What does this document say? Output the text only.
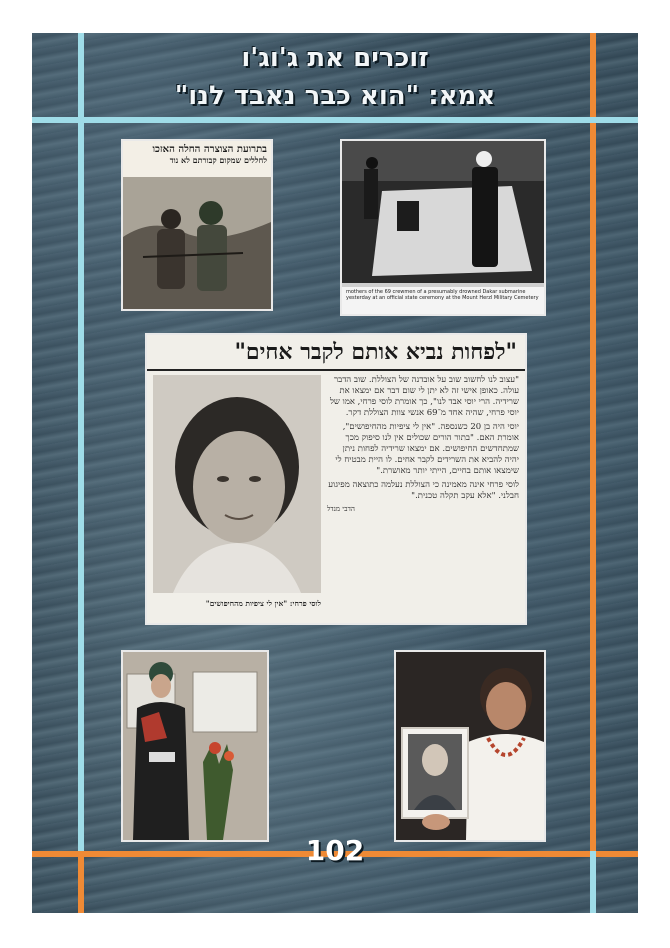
זוכרים את ג'וג'ו
אמא: "הוא כבר נאבד לנו"
בתרועת הצוצרה החלה האזכו
לחללים שמקום קבורתם לא נוד
mothers of the 69 crewmen of a presumably drowned Dakar submarine yesterday at an official state ceremony at the Mount Herzl Military Cemetery
"לפחות נביא אותם לקבר אחים"

"עצוב לנו לחשוב שוב על אובדנה של הצוללת. שוב הדבר עולה. כאופן אישי זה לא יתן לי שום דבר אם ימצאו את שרידיה. הרי יוסי אבד לנו", כך אומרת לוסי פרחי, אמו של יוסי פרחי, שהיה אחד מ־69 אנשי צוות הצוללת דקר.

יוסי היה בן 20 כשנספה. "אין לי ציפיות מהחיפושים", אומרת האם. "בתור הורים שכולים אין לנו סיפוק מכך שמתחדשים החיפושים. אם ימצאו שרידיה לפחות ניתן יהיה להביא את השרידים לקבר אחים. לו היית מבטיח לי שימצאו אותם בחיים, הייתי יותר מאושרת."

לוסי פרחי אינה מאמינה כי הצוללת נעלמה כתוצאה מפיגוע חבלני. "אלא עקב תקלה טכנית."

הדבי מנדל
לוסי פרחי: "אין לי ציפיות מהחיפושים"
102
